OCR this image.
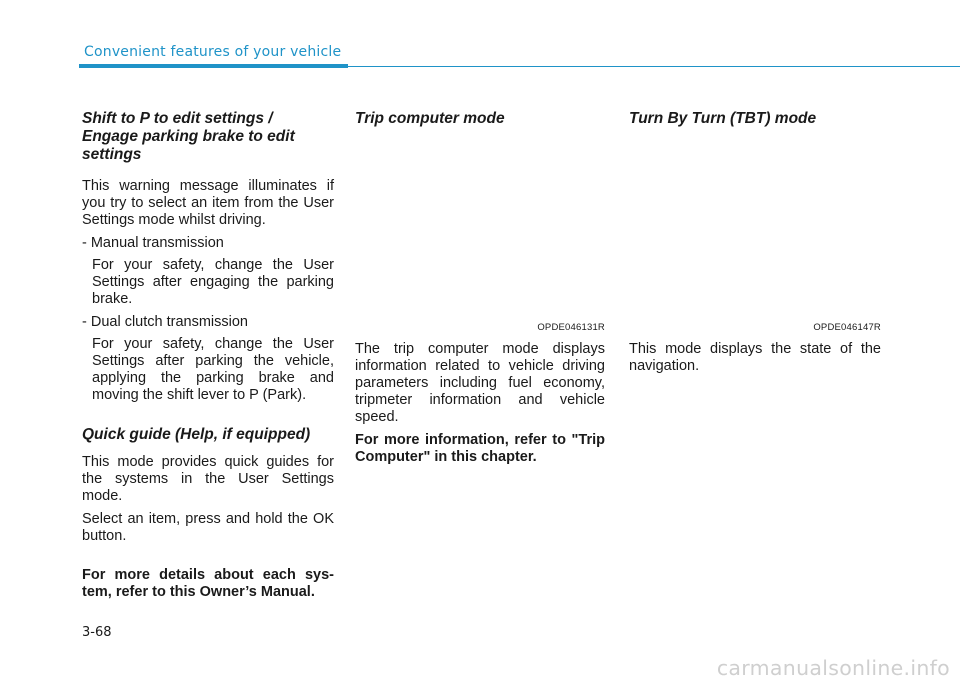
Convenient features of your vehicle
Shift to P to edit settings /
Engage parking brake to edit
settings

This warning message illuminates if you try to select an item from the User Settings mode whilst driving.

- Manual transmission

For your safety, change the User Settings after engaging the parking brake.

- Dual clutch transmission

For your safety, change the User Settings after parking the vehicle, applying the parking brake and moving the shift lever to P (Park).

Quick guide (Help, if equipped)

This mode provides quick guides for the systems in the User Settings mode.

Select an item, press and hold the OK button.

For more details about each sys-tem, refer to this Owner’s Manual.

Trip computer mode
OPDE046131R

The trip computer mode displays information related to vehicle driving parameters including fuel economy, tripmeter information and vehicle speed.

For more information, refer to "Trip Computer" in this chapter.

Turn By Turn (TBT) mode
OPDE046147R

This mode displays the state of the navigation.

3-68
carmanualsonline.info
